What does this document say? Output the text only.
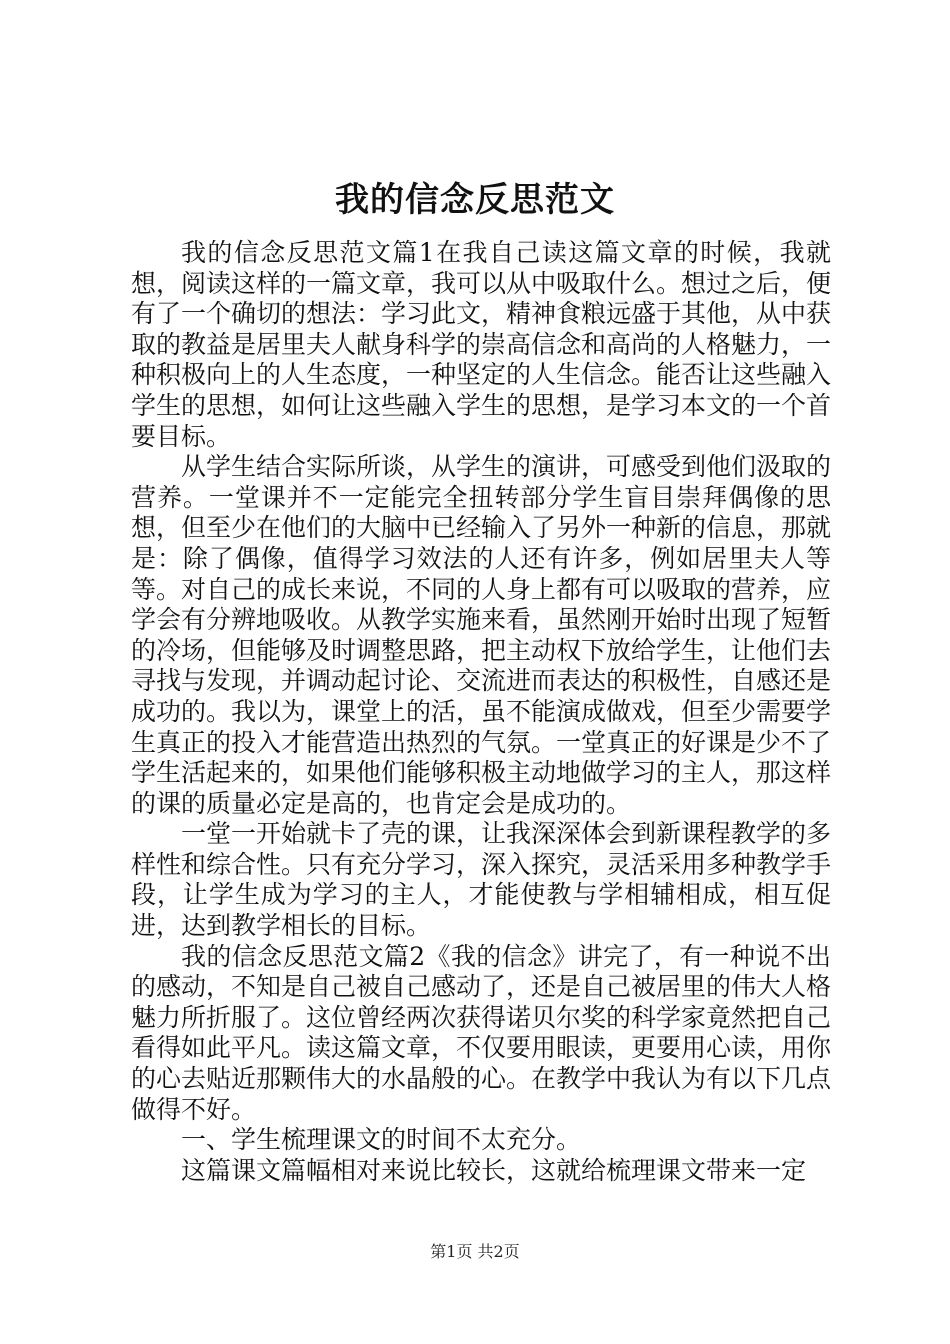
我的信念反思范文

我的信念反思范文篇1在我自己读这篇文章的时候，我就想，阅读这样的一篇文章，我可以从中吸取什么。想过之后，便有了一个确切的想法：学习此文，精神食粮远盛于其他，从中获取的教益是居里夫人献身科学的崇高信念和高尚的人格魅力，一种积极向上的人生态度，一种坚定的人生信念。能否让这些融入学生的思想，如何让这些融入学生的思想，是学习本文的一个首要目标。

从学生结合实际所谈，从学生的演讲，可感受到他们汲取的营养。一堂课并不一定能完全扭转部分学生盲目崇拜偶像的思想，但至少在他们的大脑中已经输入了另外一种新的信息，那就是：除了偶像，值得学习效法的人还有许多，例如居里夫人等等。对自己的成长来说，不同的人身上都有可以吸取的营养，应学会有分辨地吸收。从教学实施来看，虽然刚开始时出现了短暂的冷场，但能够及时调整思路，把主动权下放给学生，让他们去寻找与发现，并调动起讨论、交流进而表达的积极性，自感还是成功的。我以为，课堂上的活，虽不能演成做戏，但至少需要学生真正的投入才能营造出热烈的气氛。一堂真正的好课是少不了学生活起来的，如果他们能够积极主动地做学习的主人，那这样的课的质量必定是高的，也肯定会是成功的。

一堂一开始就卡了壳的课，让我深深体会到新课程教学的多样性和综合性。只有充分学习，深入探究，灵活采用多种教学手段，让学生成为学习的主人，才能使教与学相辅相成，相互促进，达到教学相长的目标。

我的信念反思范文篇2《我的信念》讲完了，有一种说不出的感动，不知是自己被自己感动了，还是自己被居里的伟大人格魅力所折服了。这位曾经两次获得诺贝尔奖的科学家竟然把自己看得如此平凡。读这篇文章，不仅要用眼读，更要用心读，用你的心去贴近那颗伟大的水晶般的心。在教学中我认为有以下几点做得不好。

一、学生梳理课文的时间不太充分。

这篇课文篇幅相对来说比较长，这就给梳理课文带来一定

第1页 共2页
